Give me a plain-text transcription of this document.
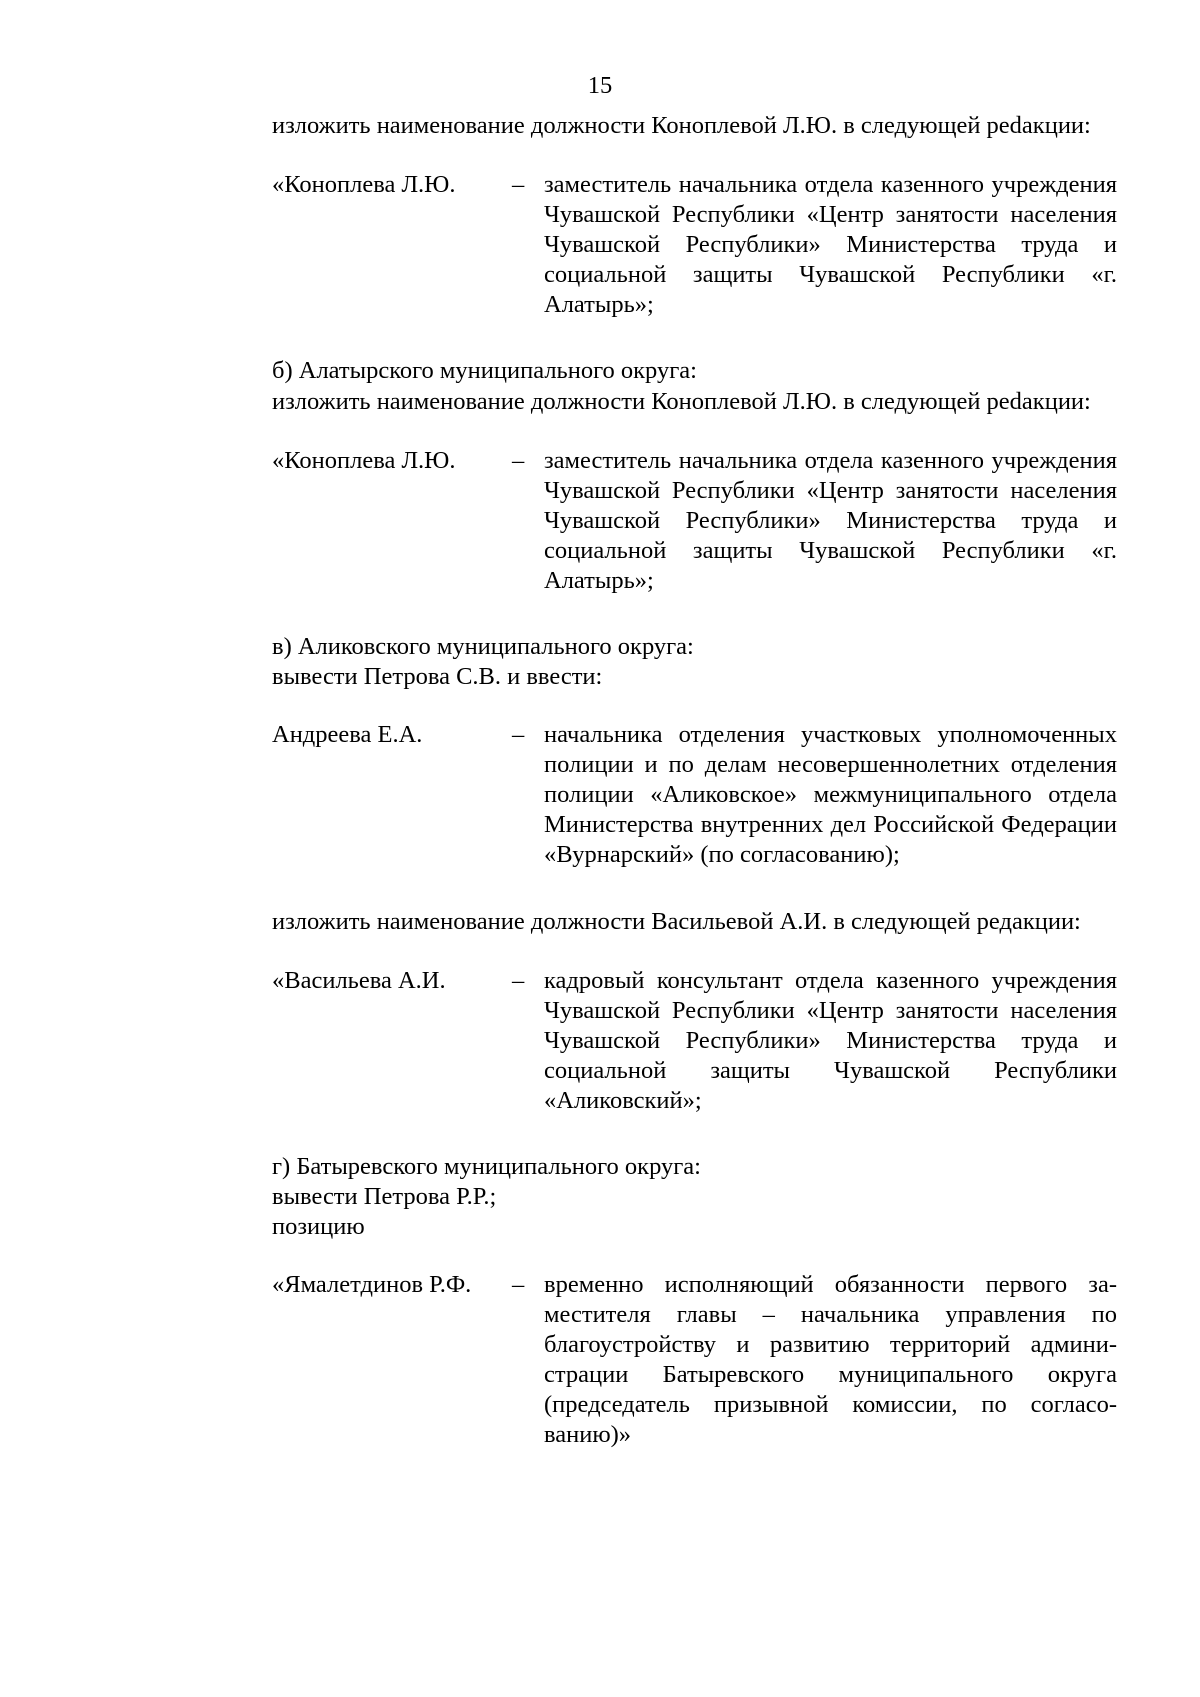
15

изложить наименование должности Коноплевой Л.Ю. в следующей реdакции:

«Коноплева Л.Ю.	– заместитель начальника отдела казенного учреждения Чувашской Республики «Центр занятости населения Чувашской Республики» Министерства труда и социальной защиты Чувашской Республики «г. Алатырь»;

б) Алатырского муниципального округа:

изложить наименование должности Коноплевой Л.Ю. в следующей реdакции:

«Коноплева Л.Ю.	– заместитель начальника отдела казенного учреждения Чувашской Республики «Центр занятости населения Чувашской Республики» Министерства труда и социальной защиты Чувашской Республики «г. Алатырь»;

в) Аликовского муниципального округа:

вывести Петрова С.В. и ввести:

Андреева Е.А.	– начальника отделения участковых уполномоченных полиции и по делам несовершеннолетних отделения полиции «Аликовское» межмуниципального отдела Министерства внутренних дел Российской Федерации «Вурнарский» (по согласованию);

изложить наименование должности Васильевой А.И. в следующей редакции:

«Васильева А.И.	– кадровый консультант отдела казенного учреждения Чувашской Республики «Центр занятости населения Чувашской Республики» Министерства труда и социальной защиты Чувашской Республики «Аликовский»;

г) Батыревского муниципального округа:

вывести Петрова Р.Р.;

позицию

«Ямалетдинов Р.Ф.	– временно исполняющий обязанности первого заместителя главы – начальника управления по благоустройству и развитию территорий администрации Батыревского муниципального округа (председатель призывной комиссии, по согласованию)»
